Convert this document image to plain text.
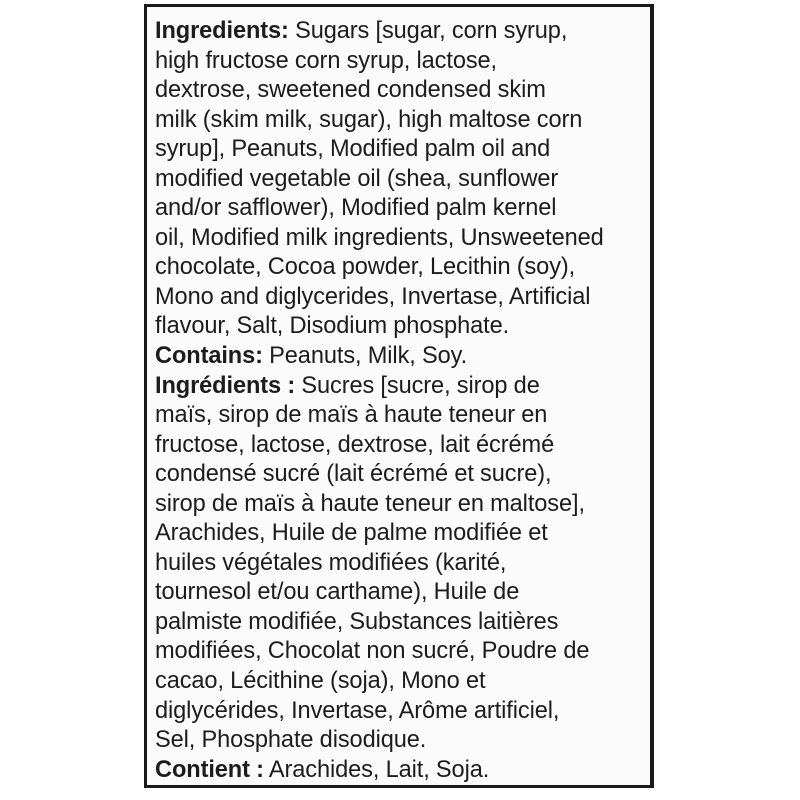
Ingredients: Sugars [sugar, corn syrup,
high fructose corn syrup, lactose,
dextrose, sweetened condensed skim
milk (skim milk, sugar), high maltose corn
syrup], Peanuts, Modified palm oil and
modified vegetable oil (shea, sunflower
and/or safflower), Modified palm kernel
oil, Modified milk ingredients, Unsweetened
chocolate, Cocoa powder, Lecithin (soy),
Mono and diglycerides, Invertase, Artificial
flavour, Salt, Disodium phosphate.
Contains: Peanuts, Milk, Soy.
Ingrédients : Sucres [sucre, sirop de
maïs, sirop de maïs à haute teneur en
fructose, lactose, dextrose, lait écrémé
condensé sucré (lait écrémé et sucre),
sirop de maïs à haute teneur en maltose],
Arachides, Huile de palme modifiée et
huiles végétales modifiées (karité,
tournesol et/ou carthame), Huile de
palmiste modifiée, Substances laitières
modifiées, Chocolat non sucré, Poudre de
cacao, Lécithine (soja), Mono et
diglycérides, Invertase, Arôme artificiel,
Sel, Phosphate disodique.
Contient : Arachides, Lait, Soja.
